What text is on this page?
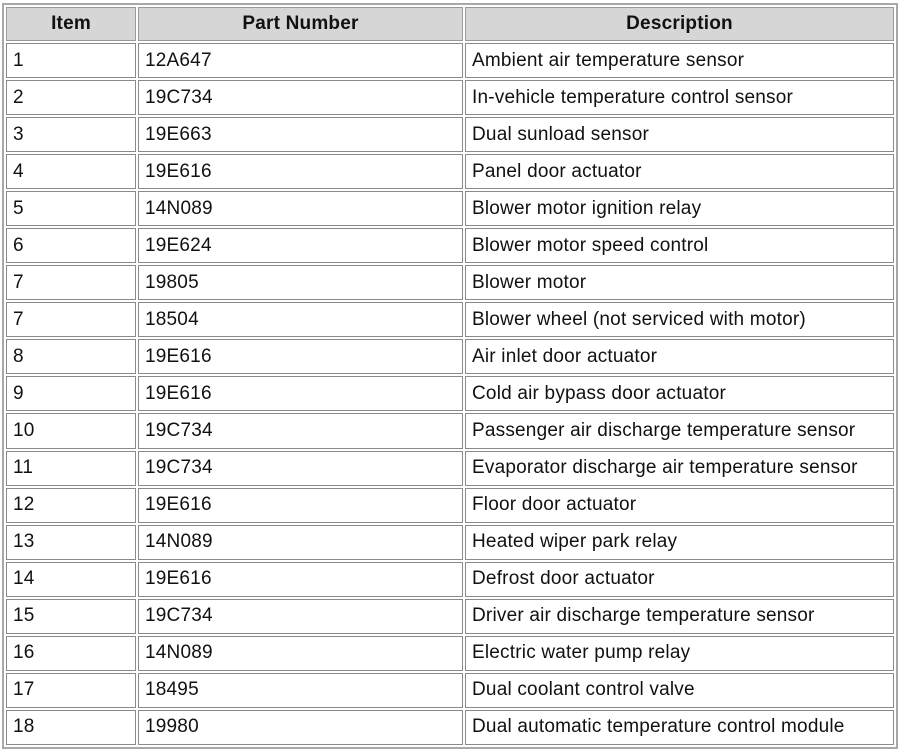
Item	Part Number	Description
1	12A647	Ambient air temperature sensor
2	19C734	In-vehicle temperature control sensor
3	19E663	Dual sunload sensor
4	19E616	Panel door actuator
5	14N089	Blower motor ignition relay
6	19E624	Blower motor speed control
7	19805	Blower motor
7	18504	Blower wheel (not serviced with motor)
8	19E616	Air inlet door actuator
9	19E616	Cold air bypass door actuator
10	19C734	Passenger air discharge temperature sensor
11	19C734	Evaporator discharge air temperature sensor
12	19E616	Floor door actuator
13	14N089	Heated wiper park relay
14	19E616	Defrost door actuator
15	19C734	Driver air discharge temperature sensor
16	14N089	Electric water pump relay
17	18495	Dual coolant control valve
18	19980	Dual automatic temperature control module
